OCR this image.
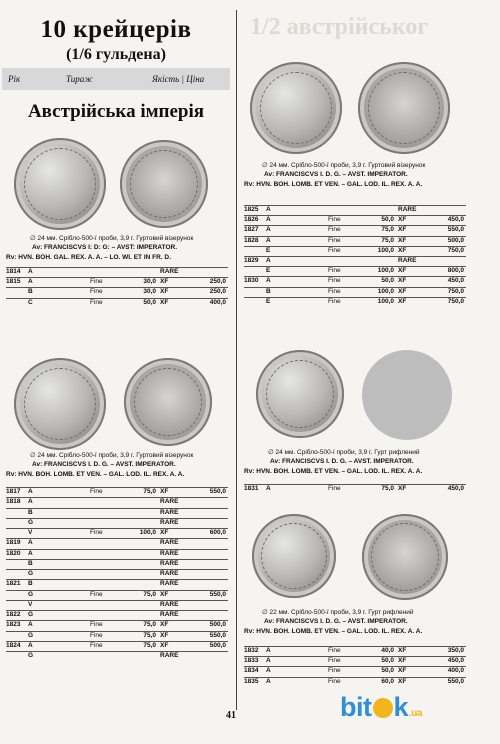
1/2 австрійськог
10 крейцерів
(1/6 гульдена)
Рік	Тираж	Якість | Ціна
Австрійська імперія
∅ 24 мм. Срібло-500-ї проби, 3,9 г. Гуртовий візерунок
Av: FRANCISCVS I: D: G: – AVST: IMPERATOR.
Rv: HVN. BOH. GAL. REX. A. A. – LO. WI. ET IN FR. D.
1814 A	RARE
1815 A	Fine	30,0 XF	250,0
B	Fine	30,0 XF	250,0
C	Fine	50,0 XF	400,0
∅ 24 мм. Срібло-500-ї проби, 3,9 г. Гуртовий візерунок
Av: FRANCISCVS I. D. G. – AVST. IMPERATOR.
Rv: HVN. BOH. LOMB. ET VEN. – GAL. LOD. IL. REX. A. A.
1817 A	Fine	75,0 XF	550,0
1818 A	RARE
B	RARE
G	RARE
V	Fine	100,0 XF	600,0
1819 A	RARE
1820 A	RARE
B	RARE
G	RARE
1821 B	RARE
G	Fine	75,0 XF	550,0
V	RARE
1822 G	RARE
1823 A	Fine	75,0 XF	500,0
G	Fine	75,0 XF	550,0
1824 A	Fine	75,0 XF	500,0
G	RARE
∅ 24 мм. Срібло-500-ї проби, 3,9 г. Гуртовий візерунок
Av: FRANCISCVS I. D. G. – AVST. IMPERATOR.
Rv: HVN. BOH. LOMB. ET VEN. – GAL. LOD. IL. REX. A. A.
1825 A	RARE
1826 A	Fine	50,0 XF	450,0
1827 A	Fine	75,0 XF	550,0
1828 A	Fine	75,0 XF	500,0
E	Fine	100,0 XF	750,0
1829 A	RARE
E	Fine	100,0 XF	800,0
1830 A	Fine	50,0 XF	450,0
B	Fine	100,0 XF	750,0
E	Fine	100,0 XF	750,0
∅ 24 мм. Срібло-500-ї проби, 3,9 г. Гурт рифлений
Av: FRANCISCVS I. D. G. – AVST. IMPERATOR.
Rv: HVN. BOH. LOMB. ET VEN. – GAL. LOD. IL. REX. A. A.
1831 A	Fine	75,0 XF	450,0
∅ 22 мм. Срібло-500-ї проби, 3,9 г. Гурт рифлений
Av: FRANCISCVS I. D. G. – AVST. IMPERATOR.
Rv: HVN. BOH. LOMB. ET VEN. – GAL. LOD. IL. REX. A. A.
1832 A	Fine	40,0 XF	350,0
1833 A	Fine	50,0 XF	450,0
1834 A	Fine	50,0 XF	400,0
1835 A	Fine	60,0 XF	550,0
41	bit k.ua
